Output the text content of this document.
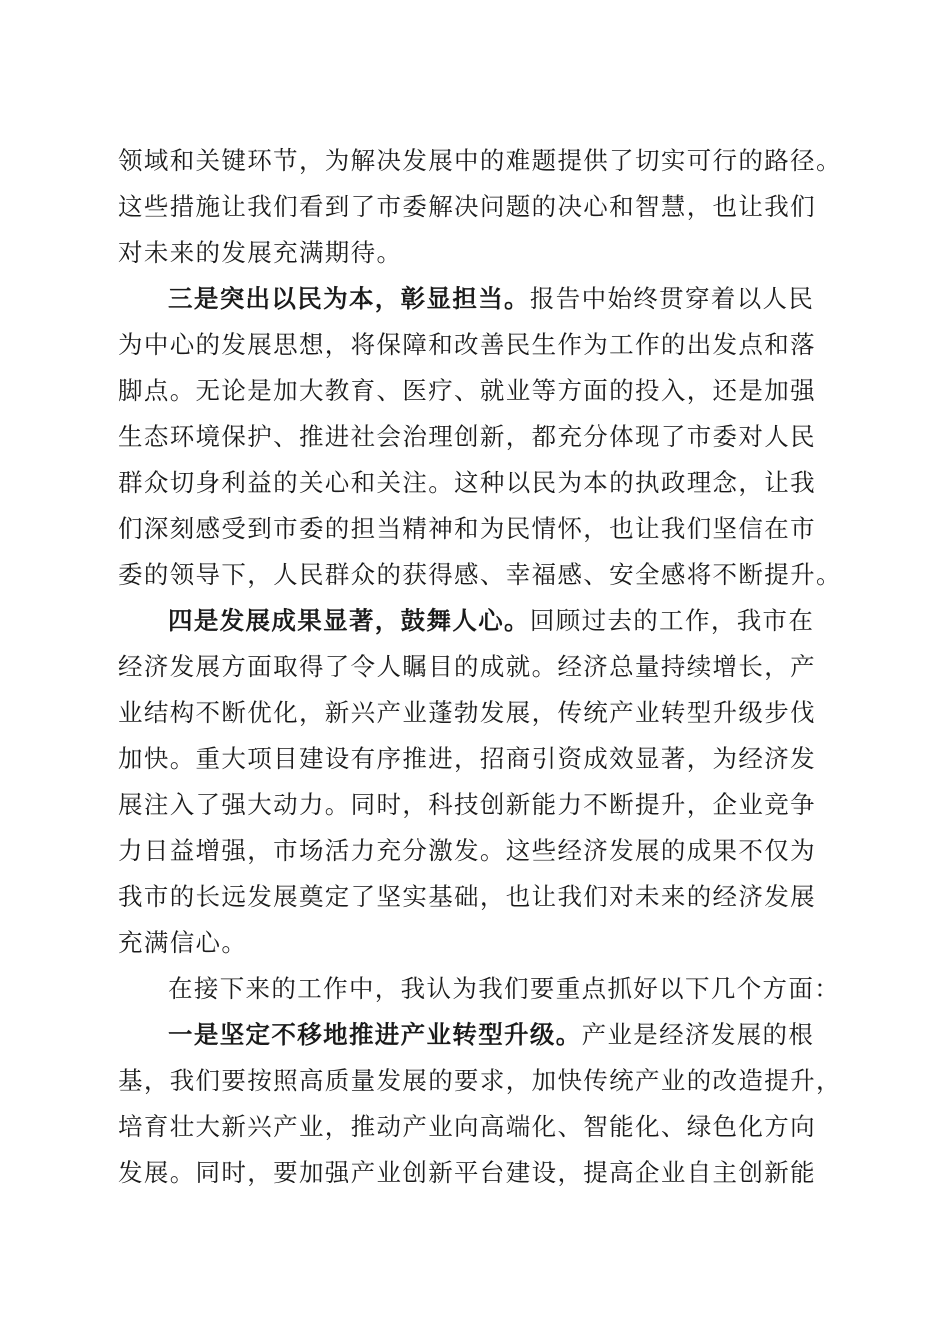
领域和关键环节，为解决发展中的难题提供了切实可行的路径。
这些措施让我们看到了市委解决问题的决心和智慧，也让我们
对未来的发展充满期待。
三是突出以民为本，彰显担当。报告中始终贯穿着以人民
为中心的发展思想，将保障和改善民生作为工作的出发点和落
脚点。无论是加大教育、医疗、就业等方面的投入，还是加强
生态环境保护、推进社会治理创新，都充分体现了市委对人民
群众切身利益的关心和关注。这种以民为本的执政理念，让我
们深刻感受到市委的担当精神和为民情怀，也让我们坚信在市
委的领导下，人民群众的获得感、幸福感、安全感将不断提升。
四是发展成果显著，鼓舞人心。回顾过去的工作，我市在
经济发展方面取得了令人瞩目的成就。经济总量持续增长，产
业结构不断优化，新兴产业蓬勃发展，传统产业转型升级步伐
加快。重大项目建设有序推进，招商引资成效显著，为经济发
展注入了强大动力。同时，科技创新能力不断提升，企业竞争
力日益增强，市场活力充分激发。这些经济发展的成果不仅为
我市的长远发展奠定了坚实基础，也让我们对未来的经济发展
充满信心。
在接下来的工作中，我认为我们要重点抓好以下几个方面：
一是坚定不移地推进产业转型升级。产业是经济发展的根
基，我们要按照高质量发展的要求，加快传统产业的改造提升，
培育壮大新兴产业，推动产业向高端化、智能化、绿色化方向
发展。同时，要加强产业创新平台建设，提高企业自主创新能
